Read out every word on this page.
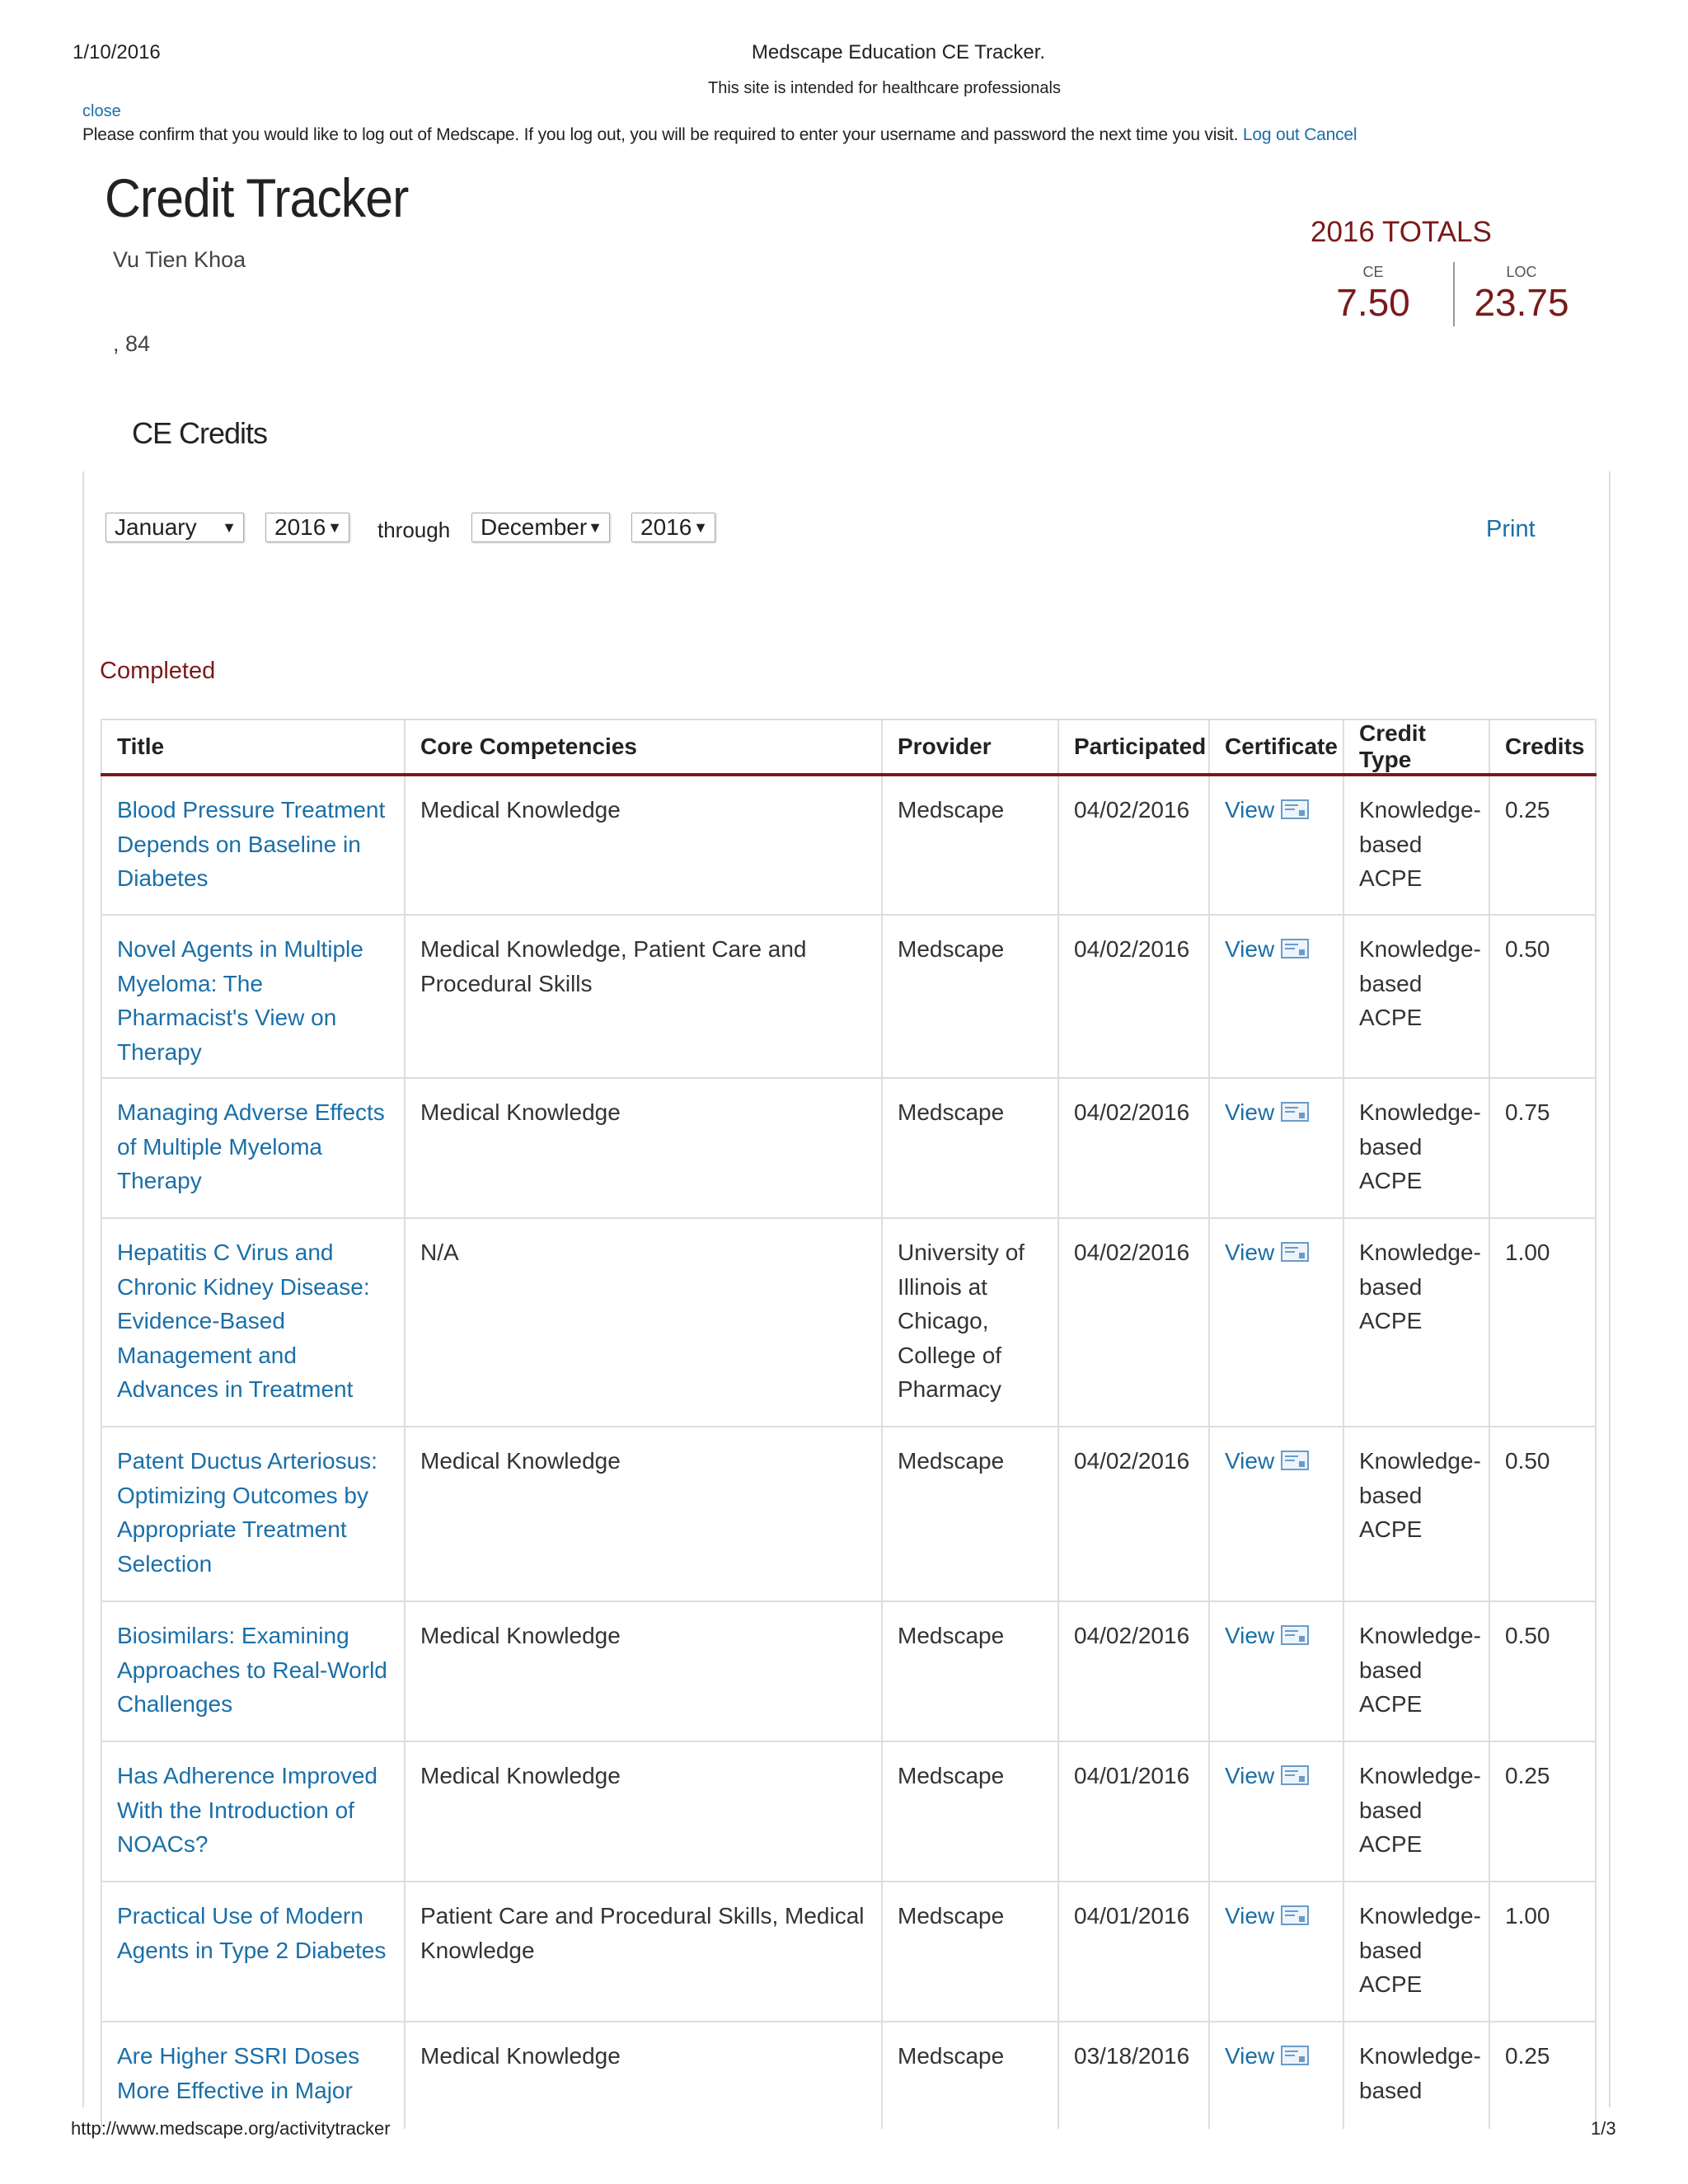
1/10/2016	Medscape Education CE Tracker.
This site is intended for healthcare professionals
close
Please confirm that you would like to log out of Medscape. If you log out, you will be required to enter your username and password the next time you visit. Log out Cancel
Credit Tracker
Vu Tien Khoa
, 84
2016 TOTALS
CE
7.50
LOC
23.75
CE Credits
January ▼	2016 ▼ through	December ▼	2016 ▼	Print
Completed
Title	Core Competencies	Provider	Participated	Certificate	Credit Type	Credits
Blood Pressure Treatment Depends on Baseline in Diabetes	Medical Knowledge	Medscape	04/02/2016	View	Knowledge-based ACPE	0.25
Novel Agents in Multiple Myeloma: The Pharmacist's View on Therapy	Medical Knowledge, Patient Care and Procedural Skills	Medscape	04/02/2016	View	Knowledge-based ACPE	0.50
Managing Adverse Effects of Multiple Myeloma Therapy	Medical Knowledge	Medscape	04/02/2016	View	Knowledge-based ACPE	0.75
Hepatitis C Virus and Chronic Kidney Disease: Evidence-Based Management and Advances in Treatment	N/A	University of Illinois at Chicago, College of Pharmacy	04/02/2016	View	Knowledge-based ACPE	1.00
Patent Ductus Arteriosus: Optimizing Outcomes by Appropriate Treatment Selection	Medical Knowledge	Medscape	04/02/2016	View	Knowledge-based ACPE	0.50
Biosimilars: Examining Approaches to Real-World Challenges	Medical Knowledge	Medscape	04/02/2016	View	Knowledge-based ACPE	0.50
Has Adherence Improved With the Introduction of NOACs?	Medical Knowledge	Medscape	04/01/2016	View	Knowledge-based ACPE	0.25
Practical Use of Modern Agents in Type 2 Diabetes	Patient Care and Procedural Skills, Medical Knowledge	Medscape	04/01/2016	View	Knowledge-based ACPE	1.00
Are Higher SSRI Doses More Effective in Major	Medical Knowledge	Medscape	03/18/2016	View	Knowledge-based	0.25
http://www.medscape.org/activitytracker	1/3
